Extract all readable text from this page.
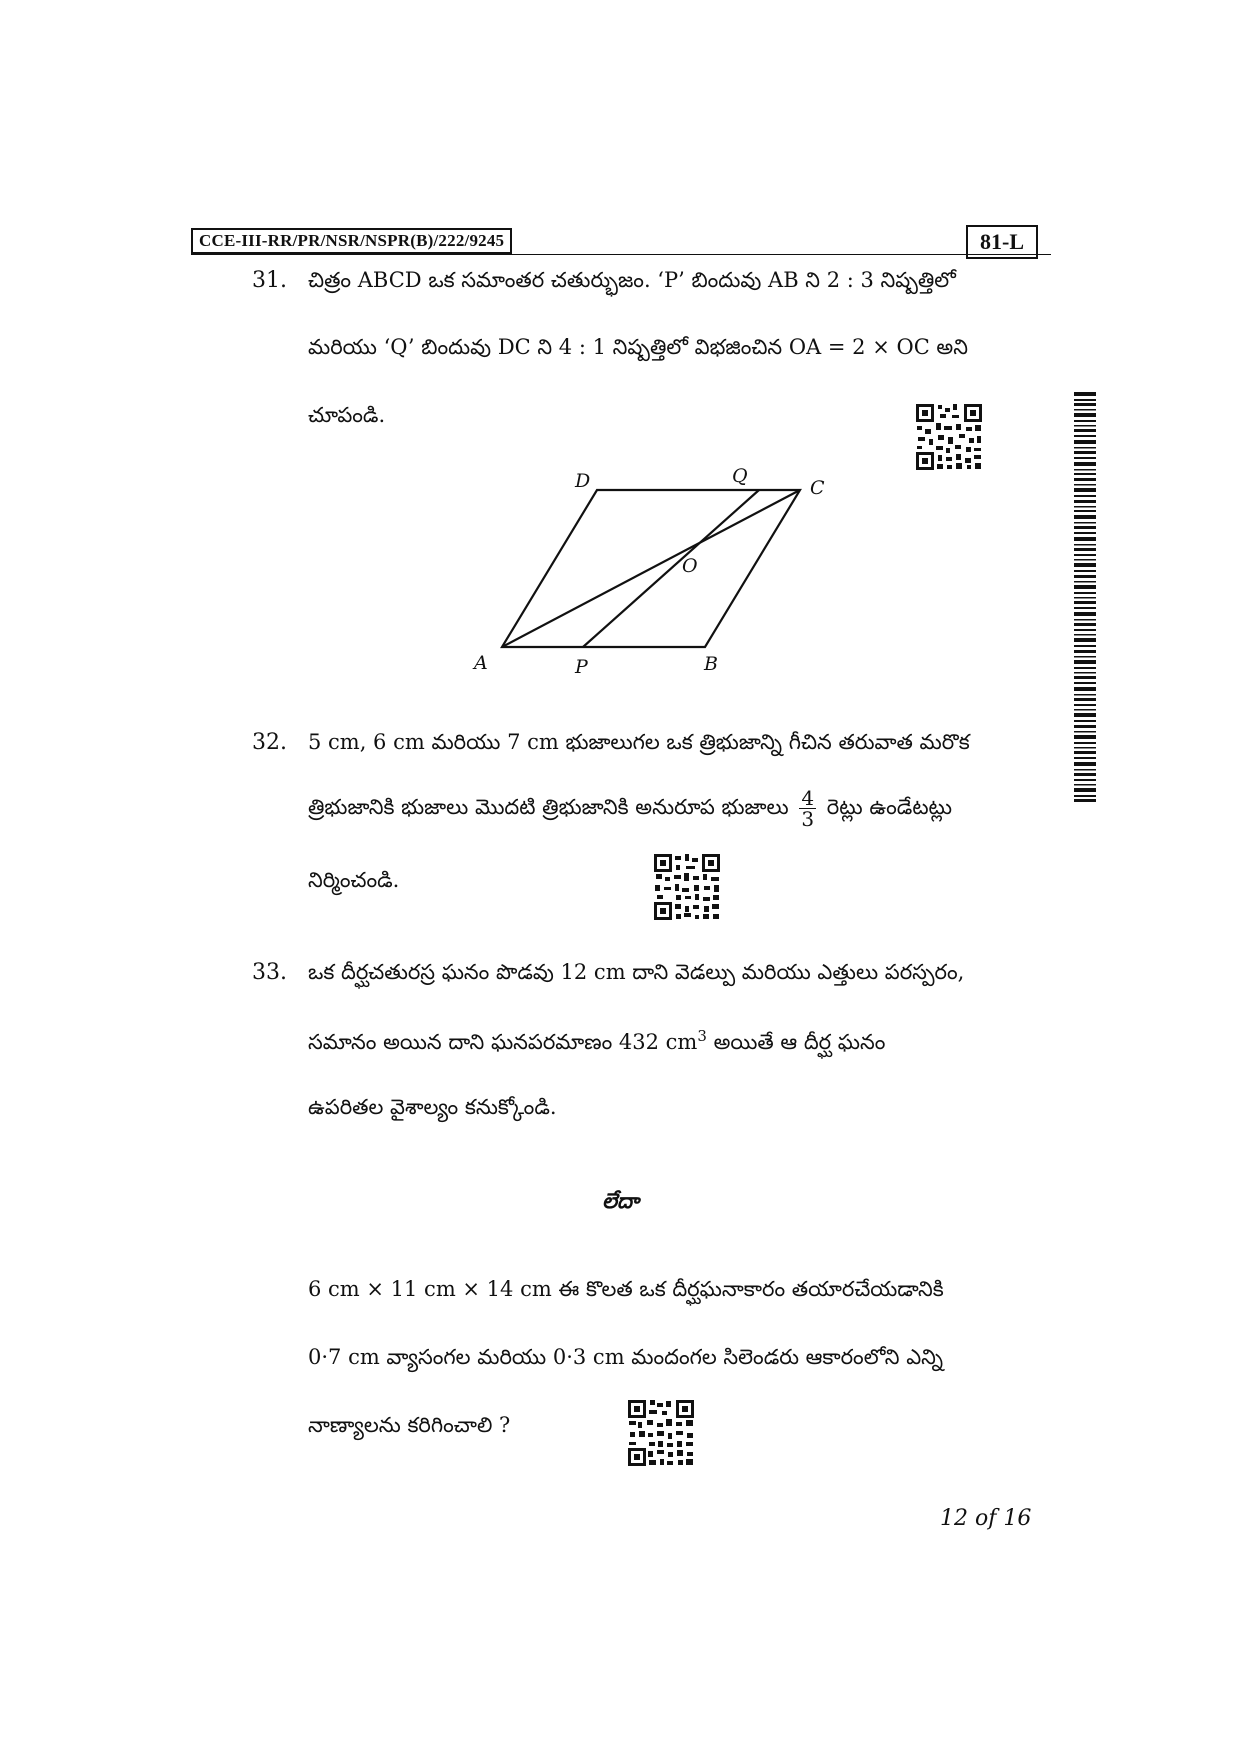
CCE-III-RR/PR/NSR/NSPR(B)/222/9245	81-L
31. చిత్రం ABCD ఒక సమాంతర చతుర్భుజం. ‘P’ బిందువు AB ని 2 : 3 నిష్పత్తిలో
మరియు ‘Q’ బిందువు DC ని 4 : 1 నిష్పత్తిలో విభజించిన OA = 2 × OC అని
చూపండి.
A	P	B
C
D	Q
O
32. 5 cm, 6 cm మరియు 7 cm భుజాలుగల ఒక త్రిభుజాన్ని గీచిన తరువాత మరొక
త్రిభుజానికి భుజాలు మొదటి త్రిభుజానికి అనురూప భుజాలు $\frac{4}{3}$ రెట్లు ఉండేటట్లు
నిర్మించండి.
33. ఒక దీర్ఘచతురస్ర ఘనం పొడవు 12 cm దాని వెడల్పు మరియు ఎత్తులు పరస్పరం,
సమానం అయిన దాని ఘనపరమాణం 432 $cm^3$ అయితే ఆ దీర్ఘ ఘనం
ఉపరితల వైశాల్యం కనుక్కోండి.
లేదా
6 cm × 11 cm × 14 cm ఈ కొలత ఒక దీర్ఘఘనాకారం తయారచేయడానికి
0·7 cm వ్యాసంగల మరియు 0·3 cm మందంగల సిలెండరు ఆకారంలోని ఎన్ని
నాణ్యాలను కరిగించాలి ?
12 of 16
